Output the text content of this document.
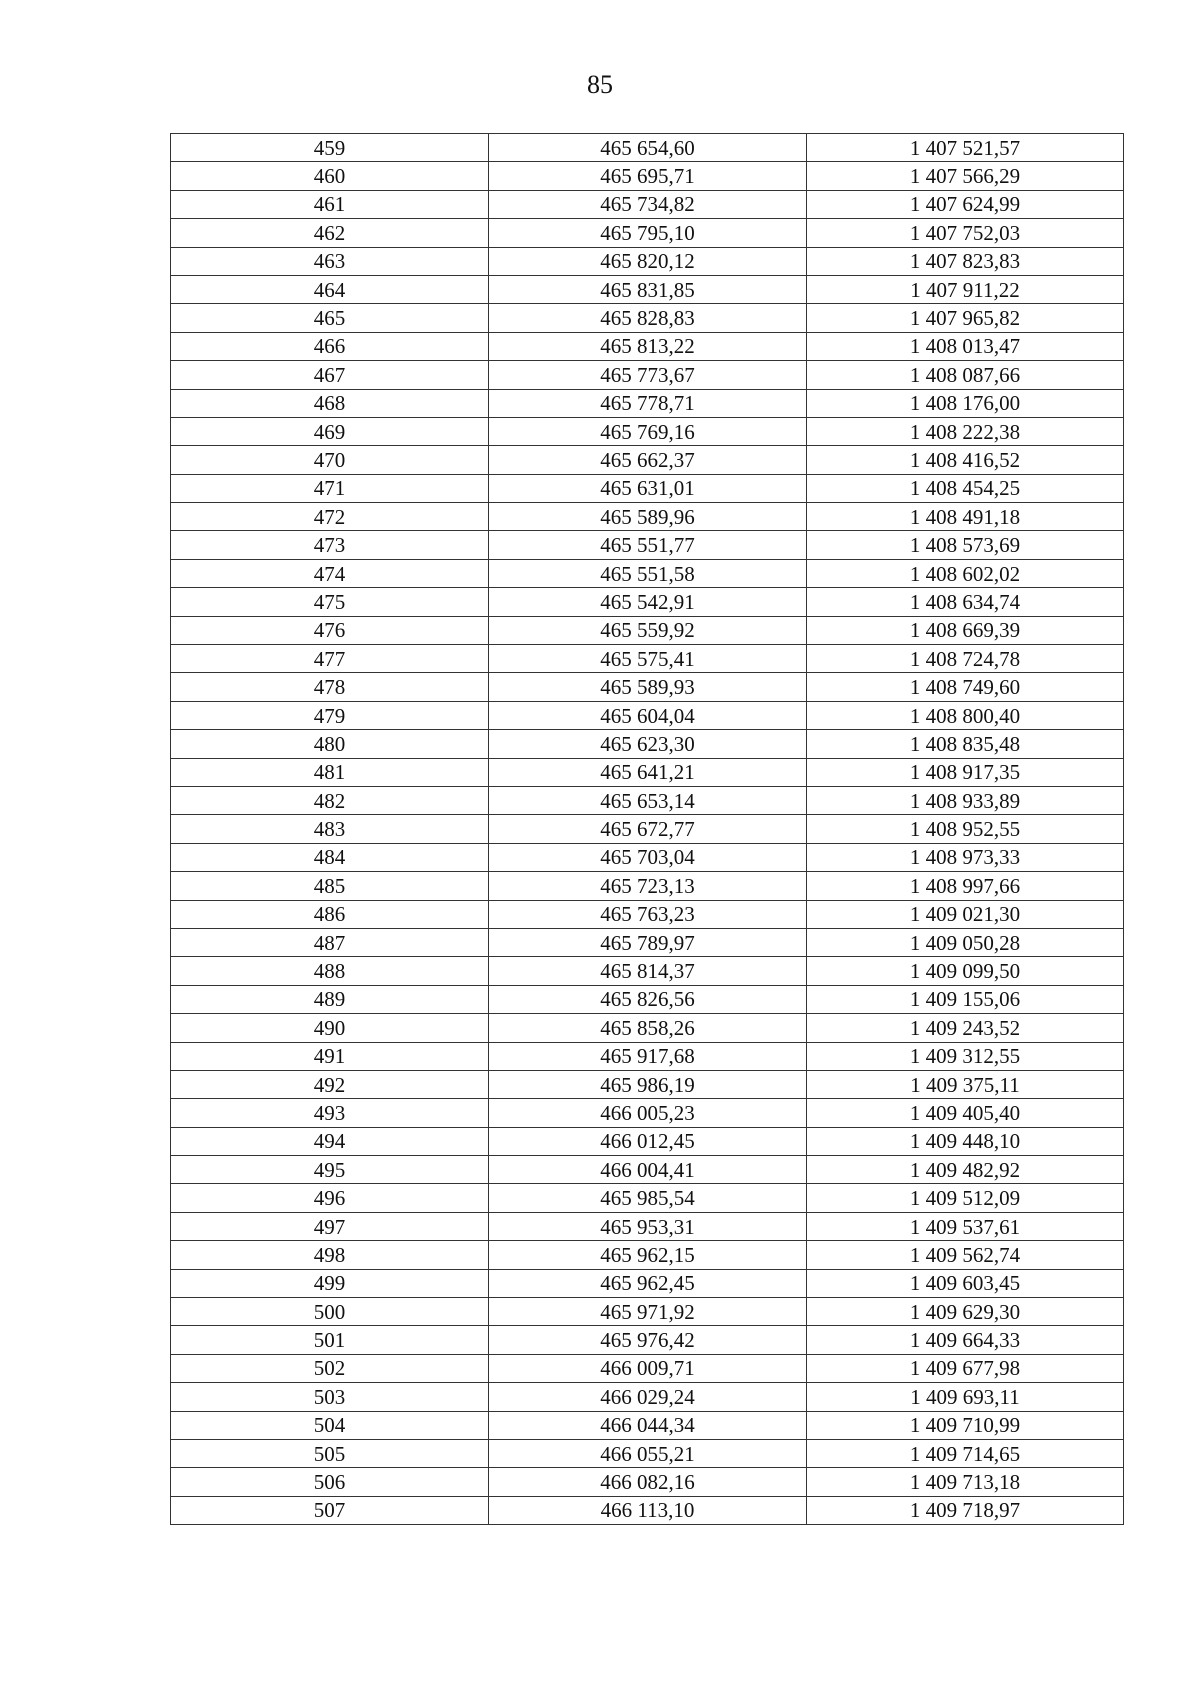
85
459	465 654,60	1 407 521,57
460	465 695,71	1 407 566,29
461	465 734,82	1 407 624,99
462	465 795,10	1 407 752,03
463	465 820,12	1 407 823,83
464	465 831,85	1 407 911,22
465	465 828,83	1 407 965,82
466	465 813,22	1 408 013,47
467	465 773,67	1 408 087,66
468	465 778,71	1 408 176,00
469	465 769,16	1 408 222,38
470	465 662,37	1 408 416,52
471	465 631,01	1 408 454,25
472	465 589,96	1 408 491,18
473	465 551,77	1 408 573,69
474	465 551,58	1 408 602,02
475	465 542,91	1 408 634,74
476	465 559,92	1 408 669,39
477	465 575,41	1 408 724,78
478	465 589,93	1 408 749,60
479	465 604,04	1 408 800,40
480	465 623,30	1 408 835,48
481	465 641,21	1 408 917,35
482	465 653,14	1 408 933,89
483	465 672,77	1 408 952,55
484	465 703,04	1 408 973,33
485	465 723,13	1 408 997,66
486	465 763,23	1 409 021,30
487	465 789,97	1 409 050,28
488	465 814,37	1 409 099,50
489	465 826,56	1 409 155,06
490	465 858,26	1 409 243,52
491	465 917,68	1 409 312,55
492	465 986,19	1 409 375,11
493	466 005,23	1 409 405,40
494	466 012,45	1 409 448,10
495	466 004,41	1 409 482,92
496	465 985,54	1 409 512,09
497	465 953,31	1 409 537,61
498	465 962,15	1 409 562,74
499	465 962,45	1 409 603,45
500	465 971,92	1 409 629,30
501	465 976,42	1 409 664,33
502	466 009,71	1 409 677,98
503	466 029,24	1 409 693,11
504	466 044,34	1 409 710,99
505	466 055,21	1 409 714,65
506	466 082,16	1 409 713,18
507	466 113,10	1 409 718,97
